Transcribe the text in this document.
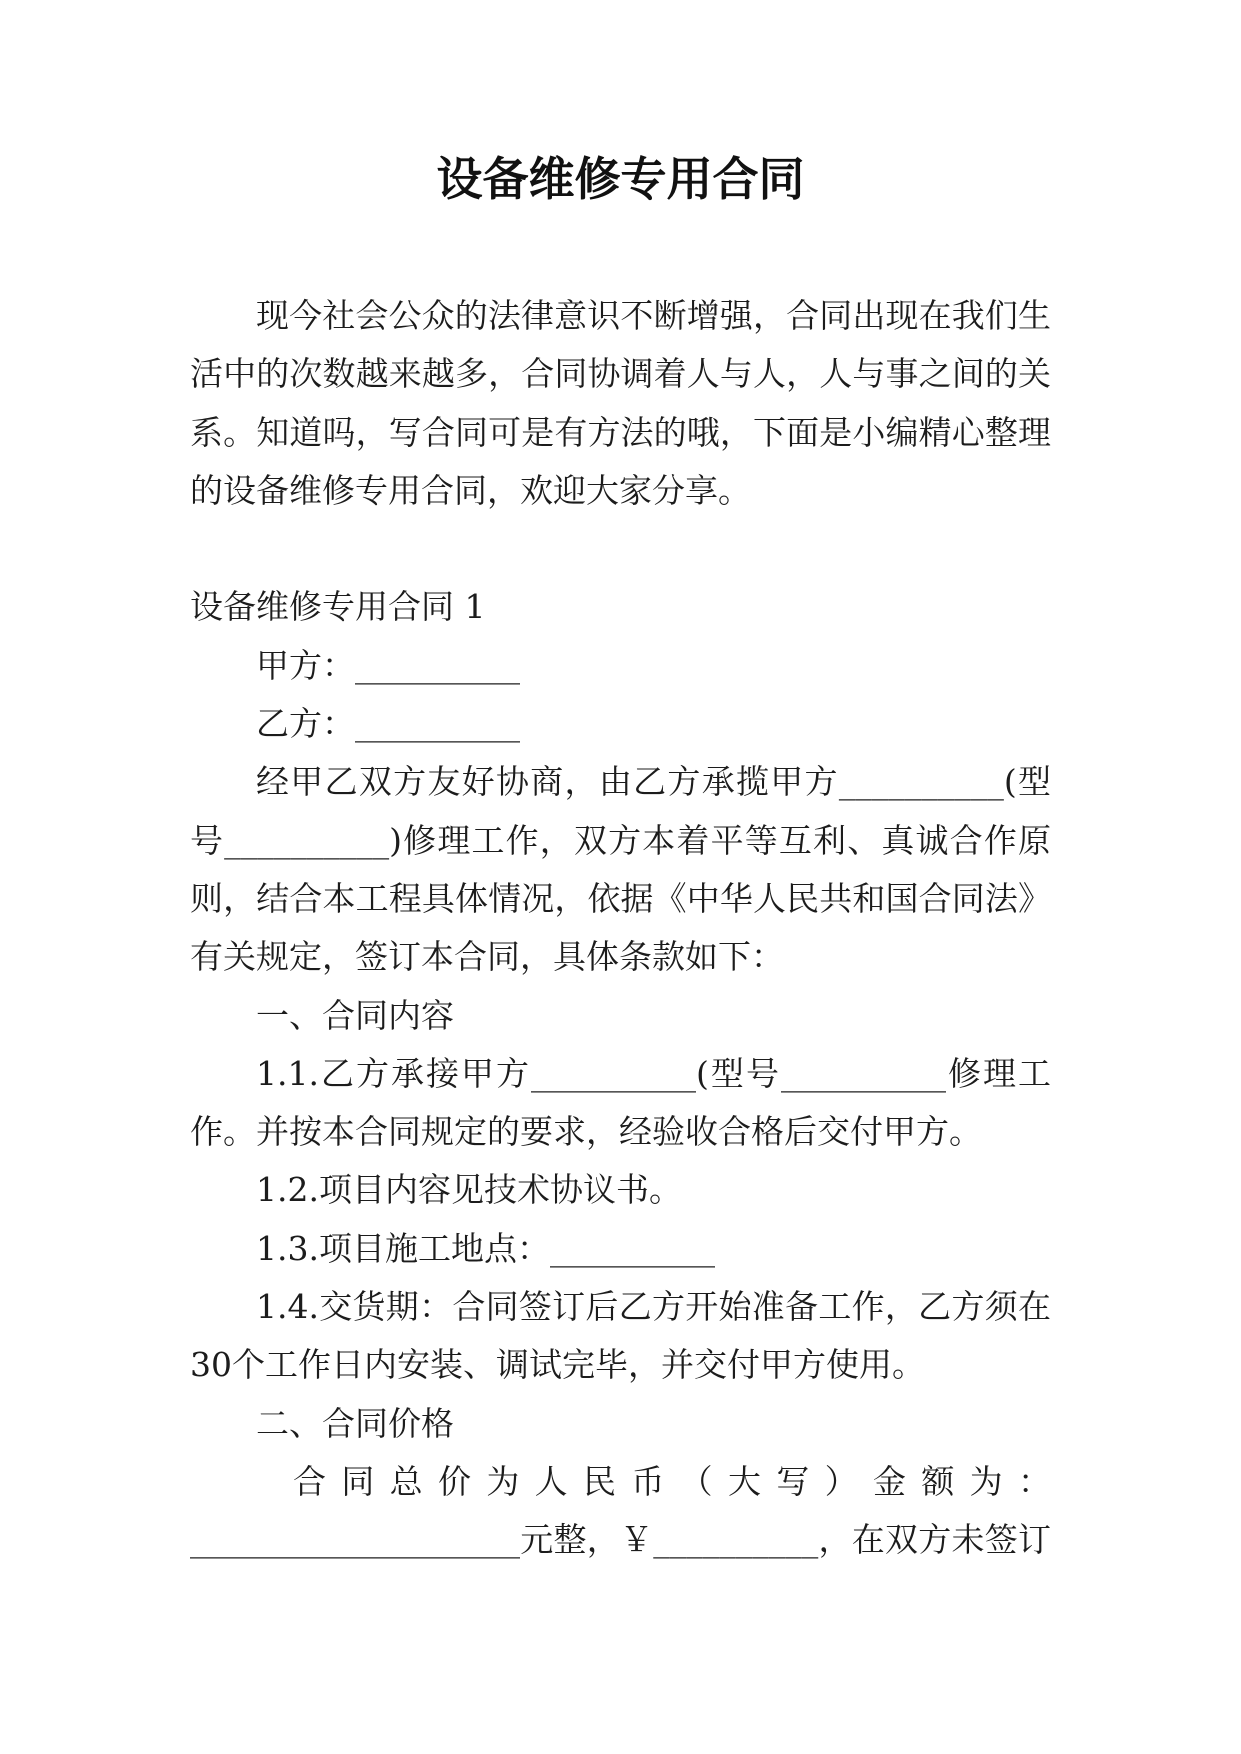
设备维修专用合同
现今社会公众的法律意识不断增强，合同出现在我们生
活中的次数越来越多，合同协调着人与人，人与事之间的关
系。知道吗，写合同可是有方法的哦，下面是小编精心整理
的设备维修专用合同，欢迎大家分享。
设备维修专用合同 1
甲方：__________
乙方：__________
经甲乙双方友好协商，由乙方承揽甲方__________(型
号__________)修理工作，双方本着平等互利、真诚合作原
则，结合本工程具体情况，依据《中华人民共和国合同法》
有关规定，签订本合同，具体条款如下：
一、合同内容
1.1.乙方承接甲方__________(型号__________修理工
作。并按本合同规定的要求，经验收合格后交付甲方。
1.2.项目内容见技术协议书。
1.3.项目施工地点：__________
1.4.交货期：合同签订后乙方开始准备工作，乙方须在
30个工作日内安装、调试完毕，并交付甲方使用。
二、合同价格
合同总价为人民币（大写）金额为：
____________________元整，￥__________，在双方未签订
